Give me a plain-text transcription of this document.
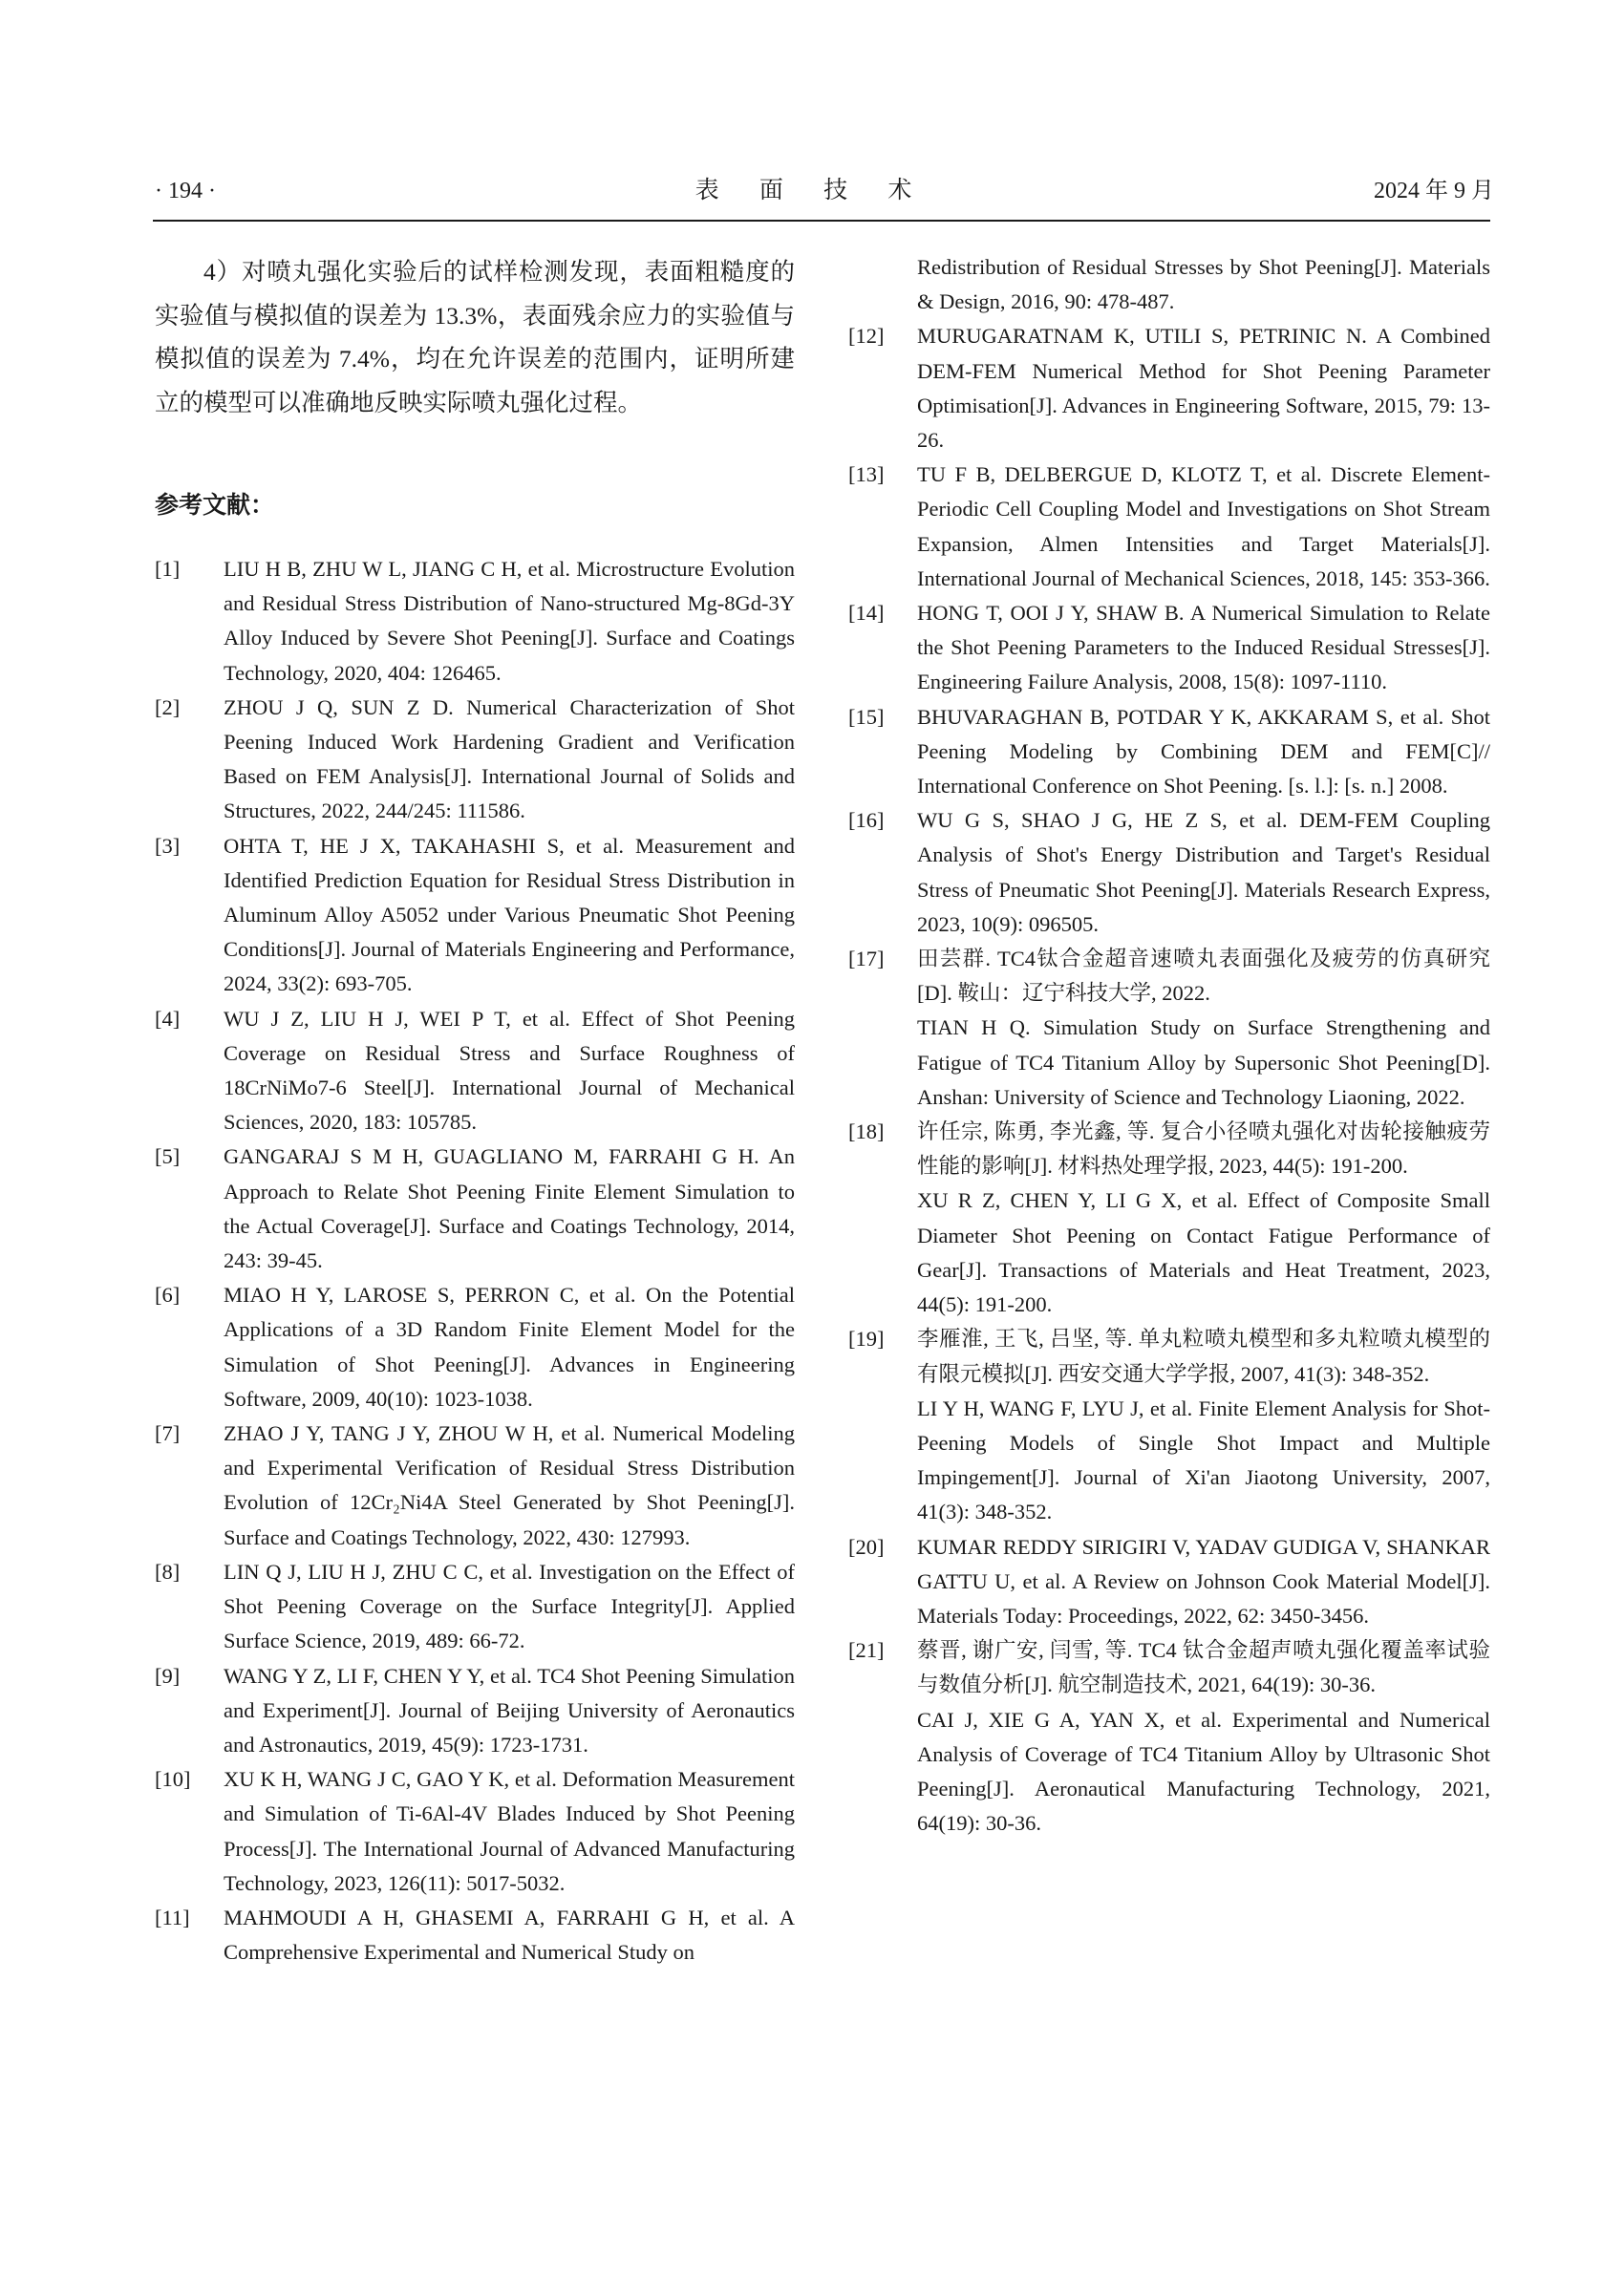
· 194 ·	表 面 技 术	2024 年 9 月

4）对喷丸强化实验后的试样检测发现，表面粗糙度的实验值与模拟值的误差为 13.3%，表面残余应力的实验值与模拟值的误差为 7.4%，均在允许误差的范围内，证明所建立的模型可以准确地反映实际喷丸强化过程。

参考文献：
[1]	LIU H B, ZHU W L, JIANG C H, et al. Microstructure Evolution and Residual Stress Distribution of Nano-structured Mg-8Gd-3Y Alloy Induced by Severe Shot Peening[J]. Surface and Coatings Technology, 2020, 404: 126465.
[2]	ZHOU J Q, SUN Z D. Numerical Characterization of Shot Peening Induced Work Hardening Gradient and Verification Based on FEM Analysis[J]. International Journal of Solids and Structures, 2022, 244/245: 111586.
[3]	OHTA T, HE J X, TAKAHASHI S, et al. Measurement and Identified Prediction Equation for Residual Stress Distribution in Aluminum Alloy A5052 under Various Pneumatic Shot Peening Conditions[J]. Journal of Materials Engineering and Performance, 2024, 33(2): 693-705.
[4]	WU J Z, LIU H J, WEI P T, et al. Effect of Shot Peening Coverage on Residual Stress and Surface Roughness of 18CrNiMo7-6 Steel[J]. International Journal of Mechanical Sciences, 2020, 183: 105785.
[5]	GANGARAJ S M H, GUAGLIANO M, FARRAHI G H. An Approach to Relate Shot Peening Finite Element Simulation to the Actual Coverage[J]. Surface and Coatings Technology, 2014, 243: 39-45.
[6]	MIAO H Y, LAROSE S, PERRON C, et al. On the Potential Applications of a 3D Random Finite Element Model for the Simulation of Shot Peening[J]. Advances in Engineering Software, 2009, 40(10): 1023-1038.
[7]	ZHAO J Y, TANG J Y, ZHOU W H, et al. Numerical Modeling and Experimental Verification of Residual Stress Distribution Evolution of 12Cr₂Ni4A Steel Generated by Shot Peening[J]. Surface and Coatings Technology, 2022, 430: 127993.
[8]	LIN Q J, LIU H J, ZHU C C, et al. Investigation on the Effect of Shot Peening Coverage on the Surface Integrity[J]. Applied Surface Science, 2019, 489: 66-72.
[9]	WANG Y Z, LI F, CHEN Y Y, et al. TC4 Shot Peening Simulation and Experiment[J]. Journal of Beijing University of Aeronautics and Astronautics, 2019, 45(9): 1723-1731.
[10]	XU K H, WANG J C, GAO Y K, et al. Deformation Measurement and Simulation of Ti-6Al-4V Blades Induced by Shot Peening Process[J]. The International Journal of Advanced Manufacturing Technology, 2023, 126(11): 5017-5032.
[11]	MAHMOUDI A H, GHASEMI A, FARRAHI G H, et al. A Comprehensive Experimental and Numerical Study on
Redistribution of Residual Stresses by Shot Peening[J]. Materials & Design, 2016, 90: 478-487.
[12]	MURUGARATNAM K, UTILI S, PETRINIC N. A Combined DEM-FEM Numerical Method for Shot Peening Parameter Optimisation[J]. Advances in Engineering Software, 2015, 79: 13-26.
[13]	TU F B, DELBERGUE D, KLOTZ T, et al. Discrete Element-Periodic Cell Coupling Model and Investigations on Shot Stream Expansion, Almen Intensities and Target Materials[J]. International Journal of Mechanical Sciences, 2018, 145: 353-366.
[14]	HONG T, OOI J Y, SHAW B. A Numerical Simulation to Relate the Shot Peening Parameters to the Induced Residual Stresses[J]. Engineering Failure Analysis, 2008, 15(8): 1097-1110.
[15]	BHUVARAGHAN B, POTDAR Y K, AKKARAM S, et al. Shot Peening Modeling by Combining DEM and FEM[C]// International Conference on Shot Peening. [s. l.]: [s. n.] 2008.
[16]	WU G S, SHAO J G, HE Z S, et al. DEM-FEM Coupling Analysis of Shot's Energy Distribution and Target's Residual Stress of Pneumatic Shot Peening[J]. Materials Research Express, 2023, 10(9): 096505.
[17]	田芸群. TC4钛合金超音速喷丸表面强化及疲劳的仿真研究[D]. 鞍山：辽宁科技大学, 2022.
TIAN H Q. Simulation Study on Surface Strengthening and Fatigue of TC4 Titanium Alloy by Supersonic Shot Peening[D]. Anshan: University of Science and Technology Liaoning, 2022.
[18]	许任宗, 陈勇, 李光鑫, 等. 复合小径喷丸强化对齿轮接触疲劳性能的影响[J]. 材料热处理学报, 2023, 44(5): 191-200.
XU R Z, CHEN Y, LI G X, et al. Effect of Composite Small Diameter Shot Peening on Contact Fatigue Performance of Gear[J]. Transactions of Materials and Heat Treatment, 2023, 44(5): 191-200.
[19]	李雁淮, 王飞, 吕坚, 等. 单丸粒喷丸模型和多丸粒喷丸模型的有限元模拟[J]. 西安交通大学学报, 2007, 41(3): 348-352.
LI Y H, WANG F, LYU J, et al. Finite Element Analysis for Shot-Peening Models of Single Shot Impact and Multiple Impingement[J]. Journal of Xi'an Jiaotong University, 2007, 41(3): 348-352.
[20]	KUMAR REDDY SIRIGIRI V, YADAV GUDIGA V, SHANKAR GATTU U, et al. A Review on Johnson Cook Material Model[J]. Materials Today: Proceedings, 2022, 62: 3450-3456.
[21]	蔡晋, 谢广安, 闫雪, 等. TC4 钛合金超声喷丸强化覆盖率试验与数值分析[J]. 航空制造技术, 2021, 64(19): 30-36.
CAI J, XIE G A, YAN X, et al. Experimental and Numerical Analysis of Coverage of TC4 Titanium Alloy by Ultrasonic Shot Peening[J]. Aeronautical Manufacturing Technology, 2021, 64(19): 30-36.
